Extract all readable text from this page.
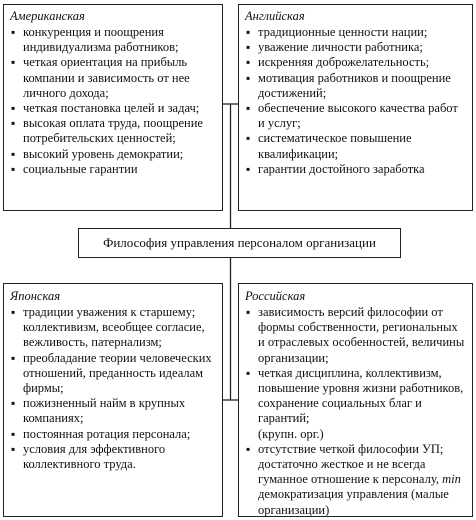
Американская
▪ конкуренция и поощрения индивидуализма работников;
▪ четкая ориентация на прибыль компании и зависимость от нее личного дохода;
▪ четкая постановка целей и задач;
▪ высокая оплата труда, поощрение потребительских ценностей;
▪ высокий уровень демократии;
▪ социальные гарантии
Английская
▪ традиционные ценности нации;
▪ уважение личности работника;
▪ искренняя доброжелательность;
▪ мотивация работников и поощрение достижений;
▪ обеспечение высокого качества работ и услуг;
▪ систематическое повышение квалификации;
▪ гарантии достойного заработка
Философия управления персоналом организации
Японская
▪ традиции уважения к старшему;
коллективизм, всеобщее согласие, вежливость, патернализм;
▪ преобладание теории человеческих отношений, преданность идеалам фирмы;
▪ пожизненный найм в крупных компаниях;
▪ постоянная ротация персонала;
▪ условия для эффективного коллективного труда.
Российская
▪ зависимость версий философии от формы собственности, региональных и отраслевых особенностей, величины организации;
▪ четкая дисциплина, коллективизм, повышение уровня жизни работников, сохранение социальных благ и гарантий;
(крупн. орг.)
▪ отсутствие четкой философии УП; достаточно жесткое и не всегда гуманное отношение к персоналу, min демократизация управления (малые организации)
